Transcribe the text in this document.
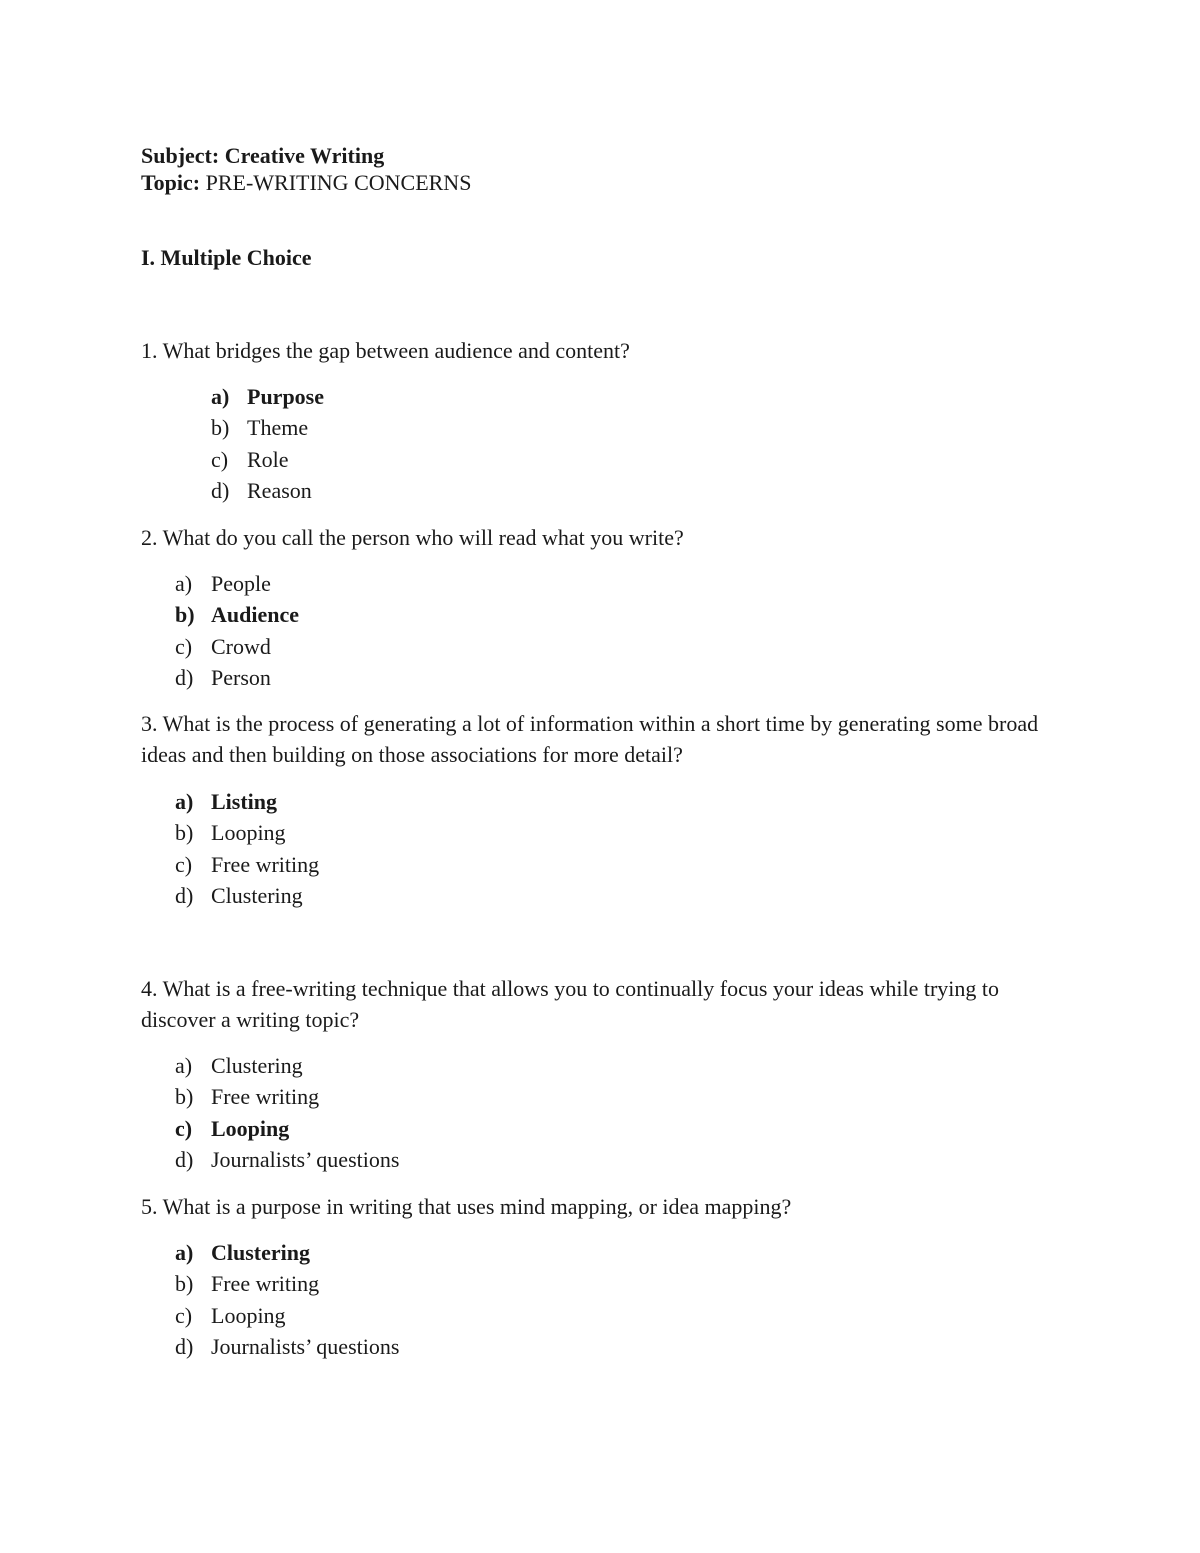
Subject: Creative Writing
Topic: PRE-WRITING CONCERNS
I. Multiple Choice
1. What bridges the gap between audience and content?
a) Purpose
b) Theme
c) Role
d) Reason
2. What do you call the person who will read what you write?
a) People
b) Audience
c) Crowd
d) Person
3. What is the process of generating a lot of information within a short time by generating some broad ideas and then building on those associations for more detail?
a) Listing
b) Looping
c) Free writing
d) Clustering
4. What is a free-writing technique that allows you to continually focus your ideas while trying to discover a writing topic?
a) Clustering
b) Free writing
c) Looping
d) Journalists’ questions
5. What is a purpose in writing that uses mind mapping, or idea mapping?
a) Clustering
b) Free writing
c) Looping
d) Journalists’ questions
